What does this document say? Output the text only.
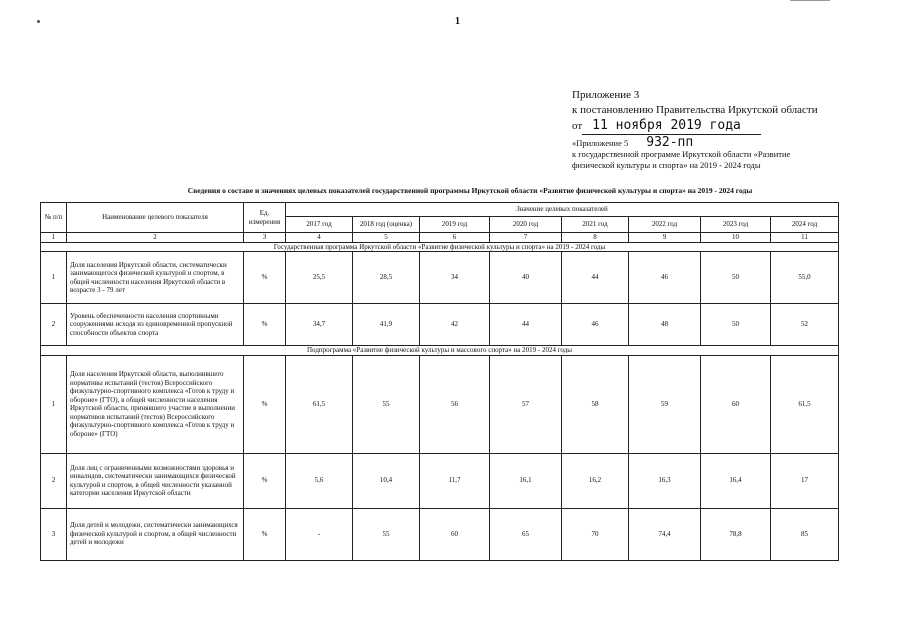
1
Приложение 3
к постановлению Правительства Иркутской области
от 11 ноября 2019 года
«Приложение 5 932-пп
к государственной программе Иркутской области «Развитие физической культуры и спорта» на 2019 - 2024 годы
Сведения о составе и значениях целевых показателей государственной программы Иркутской области «Развитие физической культуры и спорта» на 2019 - 2024 годы
№ п/п	Наименование целевого показателя	Ед. измерения	Значение целевых показателей							
			2017 год	2018 год (оценка)	2019 год	2020 год	2021 год	2022 год	2023 год	2024 год
1	2	3	4	5	6	7	8	9	10	11
Государственная программа Иркутской области «Развитие физической культуры и спорта» на 2019 - 2024 годы										
1	Доля населения Иркутской области, систематически занимающегося физической культурой и спортом, в общей численности населения Иркутской области в возрасте 3 - 79 лет	%	25,5	28,5	34	40	44	46	50	55,0
2	Уровень обеспеченности населения спортивными сооружениями исходя из единовременной пропускной способности объектов спорта	%	34,7	41,9	42	44	46	48	50	52
Подпрограмма «Развитие физической культуры и массового спорта» на 2019 - 2024 годы										
1	Доля населения Иркутской области, выполнившего нормативы испытаний (тестов) Всероссийского физкультурно-спортивного комплекса «Готов к труду и обороне» (ГТО), в общей численности населения Иркутской области, принявшего участие в выполнении нормативов испытаний (тестов) Всероссийского физкультурно-спортивного комплекса «Готов к труду и обороне» (ГТО)	%	61,5	55	56	57	58	59	60	61,5
2	Доля лиц с ограниченными возможностями здоровья и инвалидов, систематически занимающихся физической культурой и спортом, в общей численности указанной категории населения Иркутской области	%	5,6	10,4	11,7	16,1	16,2	16,3	16,4	17
3	Доля детей и молодежи, систематически занимающихся физической культурой и спортом, в общей численности детей и молодежи	%	-	55	60	65	70	74,4	78,8	85
